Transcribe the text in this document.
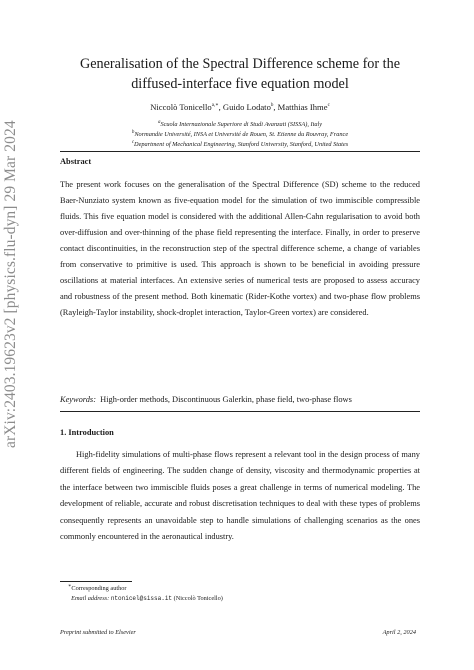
arXiv:2403.19623v2 [physics.flu-dyn] 29 Mar 2024
Generalisation of the Spectral Difference scheme for the
diffused-interface five equation model
Niccolò Tonicello$^{a,∗}$, Guido Lodato$^b$, Matthias Ihme$^c$
$^a$Scuola Internazionale Superiore di Studi Avanzati (SISSA), Italy
$^b$Normandie Université, INSA et Université de Rouen, St. Etienne du Rouvray, France
$^c$Department of Mechanical Engineering, Stanford University, Stanford, United States
Abstract
The present work focuses on the generalisation of the Spectral Difference (SD) scheme to the reduced Baer-Nunziato system known as five-equation model for the simulation of two immiscible compressible fluids. This five equation model is considered with the additional Allen-Cahn regularisation to avoid both over-diffusion and over-thinning of the phase field representing the interface. Finally, in order to preserve contact discontinuities, in the reconstruction step of the spectral difference scheme, a change of variables from conservative to primitive is used. This approach is shown to be beneficial in avoiding pressure oscillations at material interfaces. An extensive series of numerical tests are proposed to assess accuracy and robustness of the present method. Both kinematic (Rider-Kothe vortex) and two-phase flow problems (Rayleigh-Taylor instability, shock-droplet interaction, Taylor-Green vortex) are considered.
Keywords: High-order methods, Discontinuous Galerkin, phase field, two-phase flows
1. Introduction
High-fidelity simulations of multi-phase flows represent a relevant tool in the design process of many different fields of engineering. The sudden change of density, viscosity and thermodynamic properties at the interface between two immiscible fluids poses a great challenge in terms of numerical modeling. The development of reliable, accurate and robust discretisation techniques to deal with these types of problems consequently represents an unavoidable step to handle simulations of challenging scenarios as the ones commonly encountered in the aeronautical industry.
∗Corresponding author
Email address: ntonicel@sissa.it (Niccolò Tonicello)
Preprint submitted to Elsevier	April 2, 2024
